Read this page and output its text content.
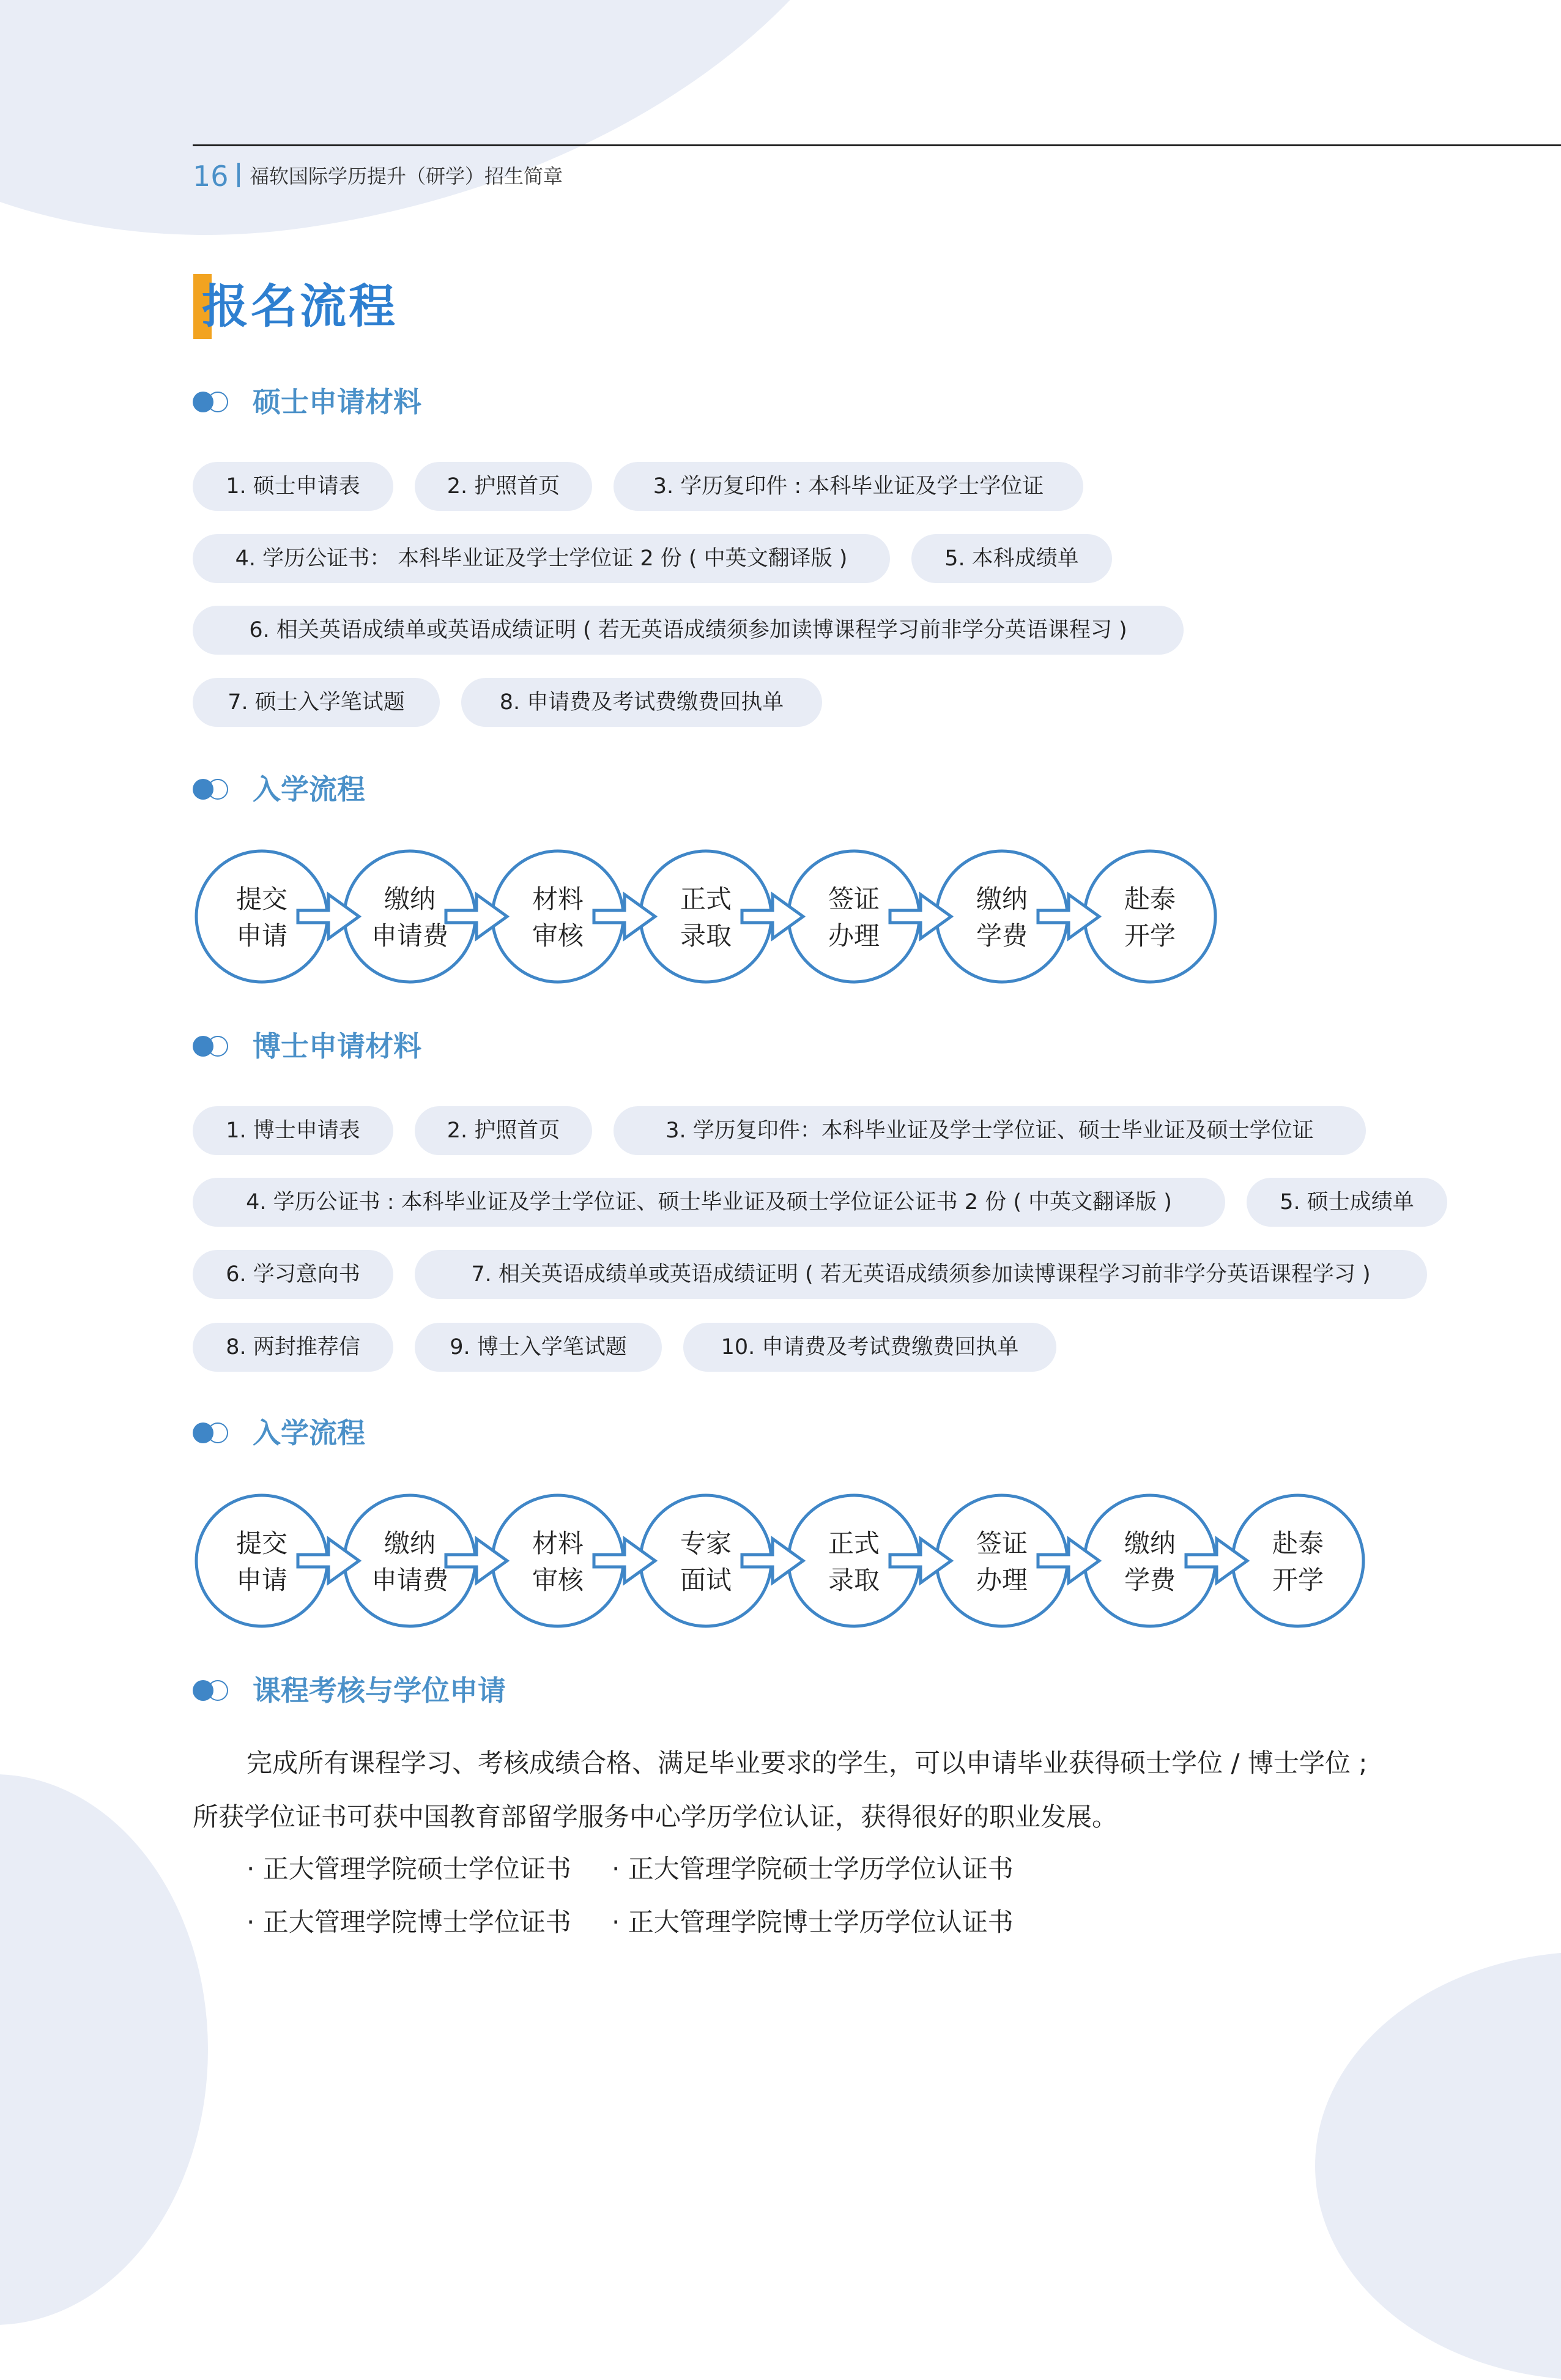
16 福软国际学历提升（研学）招生简章
报名流程
硕士申请材料
1. 硕士申请表	2. 护照首页	3. 学历复印件 : 本科毕业证及学士学位证
4. 学历公证书： 本科毕业证及学士学位证 2 份 ( 中英文翻译版 )	5. 本科成绩单
6. 相关英语成绩单或英语成绩证明 ( 若无英语成绩须参加读博课程学习前非学分英语课程习 )
7. 硕士入学笔试题	8. 申请费及考试费缴费回执单
入学流程
提交
申请
缴纳
申请费
材料
审核
正式
录取
签证
办理
缴纳
学费
赴泰
开学
博士申请材料
1. 博士申请表	2. 护照首页	3. 学历复印件：本科毕业证及学士学位证、硕士毕业证及硕士学位证
4. 学历公证书 : 本科毕业证及学士学位证、硕士毕业证及硕士学位证公证书 2 份 ( 中英文翻译版 )	5. 硕士成绩单
6. 学习意向书	7. 相关英语成绩单或英语成绩证明 ( 若无英语成绩须参加读博课程学习前非学分英语课程学习 )
8. 两封推荐信	9. 博士入学笔试题	10. 申请费及考试费缴费回执单
入学流程
提交
申请
缴纳
申请费
材料
审核
专家
面试
正式
录取
签证
办理
缴纳
学费
赴泰
开学
课程考核与学位申请
完成所有课程学习、考核成绩合格、满足毕业要求的学生，可以申请毕业获得硕士学位 / 博士学位 ; 所获学位证书可获中国教育部留学服务中心学历学位认证，获得很好的职业发展。
· 正大管理学院硕士学位证书 · 正大管理学院硕士学历学位认证书
· 正大管理学院博士学位证书 · 正大管理学院博士学历学位认证书
